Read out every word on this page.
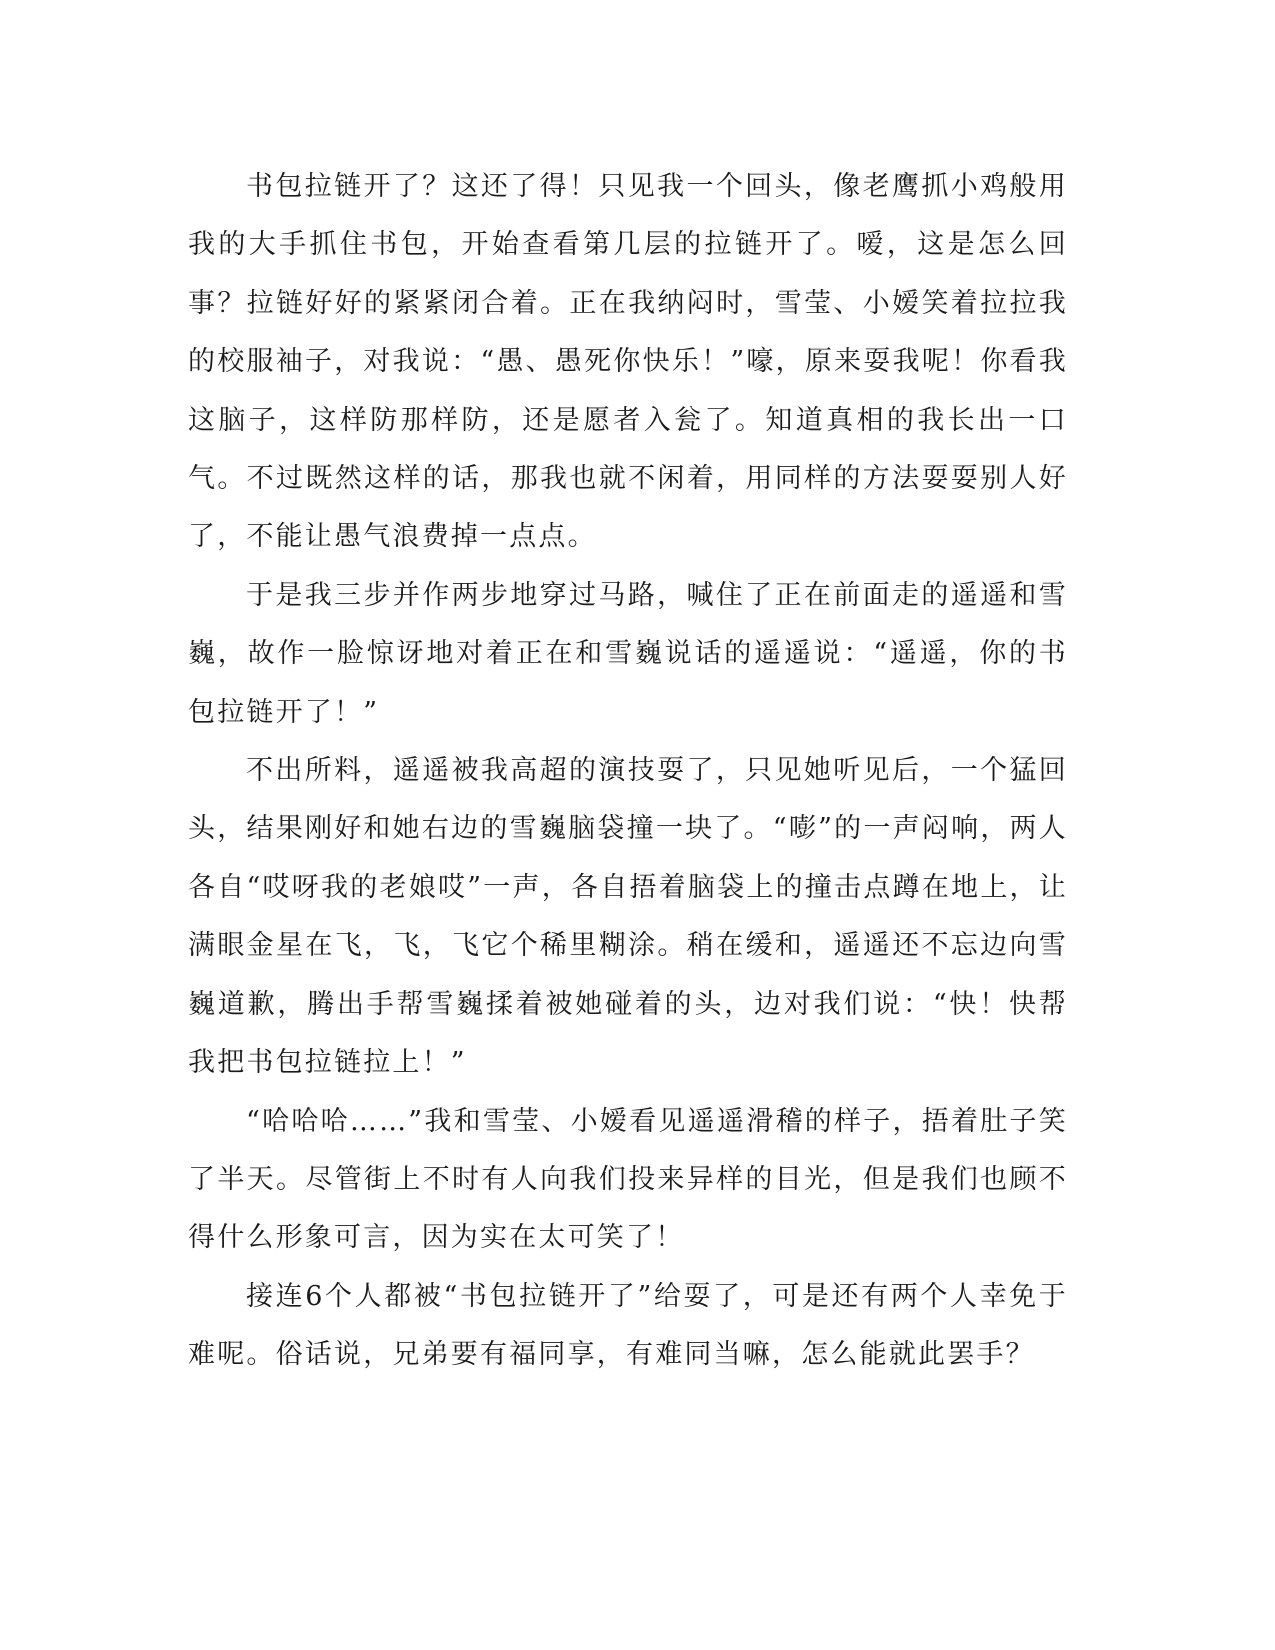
书包拉链开了？这还了得！只见我一个回头，像老鹰抓小鸡般用我的大手抓住书包，开始查看第几层的拉链开了。嗳，这是怎么回事？拉链好好的紧紧闭合着。正在我纳闷时，雪莹、小嫒笑着拉拉我的校服袖子，对我说：“愚、愚死你快乐！”嚎，原来耍我呢！你看我这脑子，这样防那样防，还是愿者入瓮了。知道真相的我长出一口气。不过既然这样的话，那我也就不闲着，用同样的方法耍耍别人好了，不能让愚气浪费掉一点点。

于是我三步并作两步地穿过马路，喊住了正在前面走的遥遥和雪巍，故作一脸惊讶地对着正在和雪巍说话的遥遥说：“遥遥，你的书包拉链开了！”

不出所料，遥遥被我高超的演技耍了，只见她听见后，一个猛回头，结果刚好和她右边的雪巍脑袋撞一块了。“嘭”的一声闷响，两人各自“哎呀我的老娘哎”一声，各自捂着脑袋上的撞击点蹲在地上，让满眼金星在飞，飞，飞它个稀里糊涂。稍在缓和，遥遥还不忘边向雪巍道歉，腾出手帮雪巍揉着被她碰着的头，边对我们说：“快！快帮我把书包拉链拉上！”

“哈哈哈……”我和雪莹、小嫒看见遥遥滑稽的样子，捂着肚子笑了半天。尽管街上不时有人向我们投来异样的目光，但是我们也顾不得什么形象可言，因为实在太可笑了！

接连6个人都被“书包拉链开了”给耍了，可是还有两个人幸免于难呢。俗话说，兄弟要有福同享，有难同当嘛，怎么能就此罢手？
